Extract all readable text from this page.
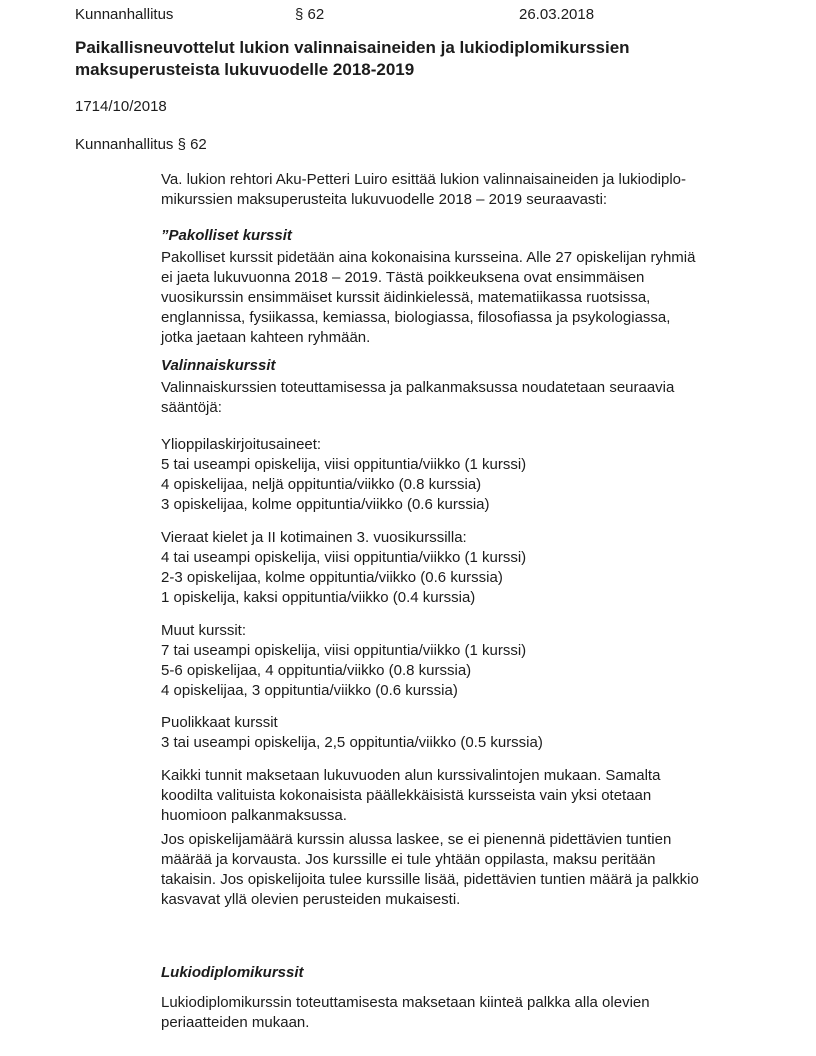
Kunnanhallitus	§ 62	26.03.2018
Paikallisneuvottelut lukion valinnaisaineiden ja lukiodiplomikurssien
maksuperusteista lukuvuodelle 2018-2019
1714/10/2018
Kunnanhallitus § 62
Va. lukion rehtori Aku-Petteri Luiro esittää lukion valinnaisaineiden ja lukiodiplo-
mikurssien maksuperusteita lukuvuodelle 2018 – 2019 seuraavasti:
”Pakolliset kurssit
Pakolliset kurssit pidetään aina kokonaisina kursseina. Alle 27 opiskelijan ryhmiä
ei jaeta lukuvuonna 2018 – 2019. Tästä poikkeuksena ovat ensimmäisen
vuosikurssin ensimmäiset kurssit äidinkielessä, matematiikassa ruotsissa,
englannissa, fysiikassa, kemiassa, biologiassa, filosofiassa ja psykologiassa,
jotka jaetaan kahteen ryhmään.
Valinnaiskurssit
Valinnaiskurssien toteuttamisessa ja palkanmaksussa noudatetaan seuraavia
sääntöjä:
Ylioppilaskirjoitusaineet:
5 tai useampi opiskelija, viisi oppituntia/viikko (1 kurssi)
4 opiskelijaa, neljä oppituntia/viikko (0.8 kurssia)
3 opiskelijaa, kolme oppituntia/viikko (0.6 kurssia)
Vieraat kielet ja II kotimainen 3. vuosikurssilla:
4 tai useampi opiskelija, viisi oppituntia/viikko (1 kurssi)
2-3 opiskelijaa, kolme oppituntia/viikko (0.6 kurssia)
1 opiskelija, kaksi oppituntia/viikko (0.4 kurssia)
Muut kurssit:
7 tai useampi opiskelija, viisi oppituntia/viikko (1 kurssi)
5-6 opiskelijaa, 4 oppituntia/viikko (0.8 kurssia)
4 opiskelijaa, 3 oppituntia/viikko (0.6 kurssia)
Puolikkaat kurssit
3 tai useampi opiskelija, 2,5 oppituntia/viikko (0.5 kurssia)
Kaikki tunnit maksetaan lukuvuoden alun kurssivalintojen mukaan. Samalta
koodilta valituista kokonaisista päällekkäisistä kursseista vain yksi otetaan
huomioon palkanmaksussa.
Jos opiskelijamäärä kurssin alussa laskee, se ei pienennä pidettävien tuntien
määrää ja korvausta. Jos kurssille ei tule yhtään oppilasta, maksu peritään
takaisin. Jos opiskelijoita tulee kurssille lisää, pidettävien tuntien määrä ja palkkio
kasvavat yllä olevien perusteiden mukaisesti.
Lukiodiplomikurssit
Lukiodiplomikurssin toteuttamisesta maksetaan kiinteä palkka alla olevien
periaatteiden mukaan.
